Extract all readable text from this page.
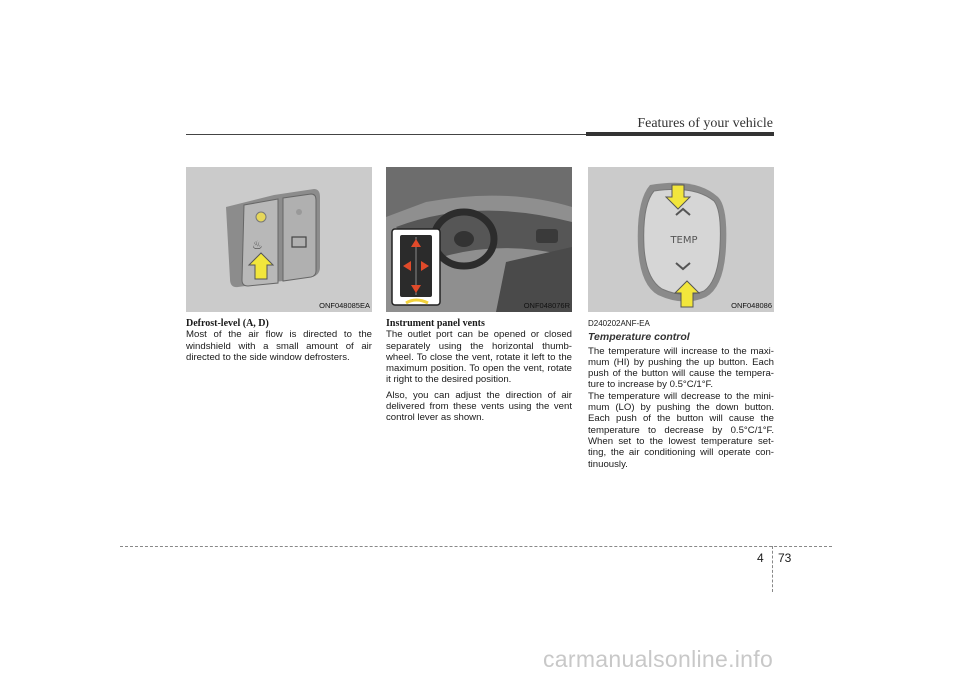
Features of your vehicle
♨
ONF048085EA	ONF048076R
TEMP
ONF048086
Defrost-level (A, D)

Most of the air flow is directed to the windshield with a small amount of air directed to the side window defrosters.

Instrument panel vents

The outlet port can be opened or closed separately using the horizontal thumb-wheel. To close the vent, rotate it left to the maximum position. To open the vent, rotate it right to the desired position.

Also, you can adjust the direction of air delivered from these vents using the vent control lever as shown.

D240202ANF-EA
Temperature control

The temperature will increase to the maxi-mum (HI) by pushing the up button. Each push of the button will cause the tempera-ture to increase by 0.5°C/1°F.

The temperature will decrease to the mini-mum (LO) by pushing the down button. Each push of the button will cause the temperature to decrease by 0.5°C/1°F. When set to the lowest temperature set-ting, the air conditioning will operate con-tinuously.

4 73
carmanualsonline.info
